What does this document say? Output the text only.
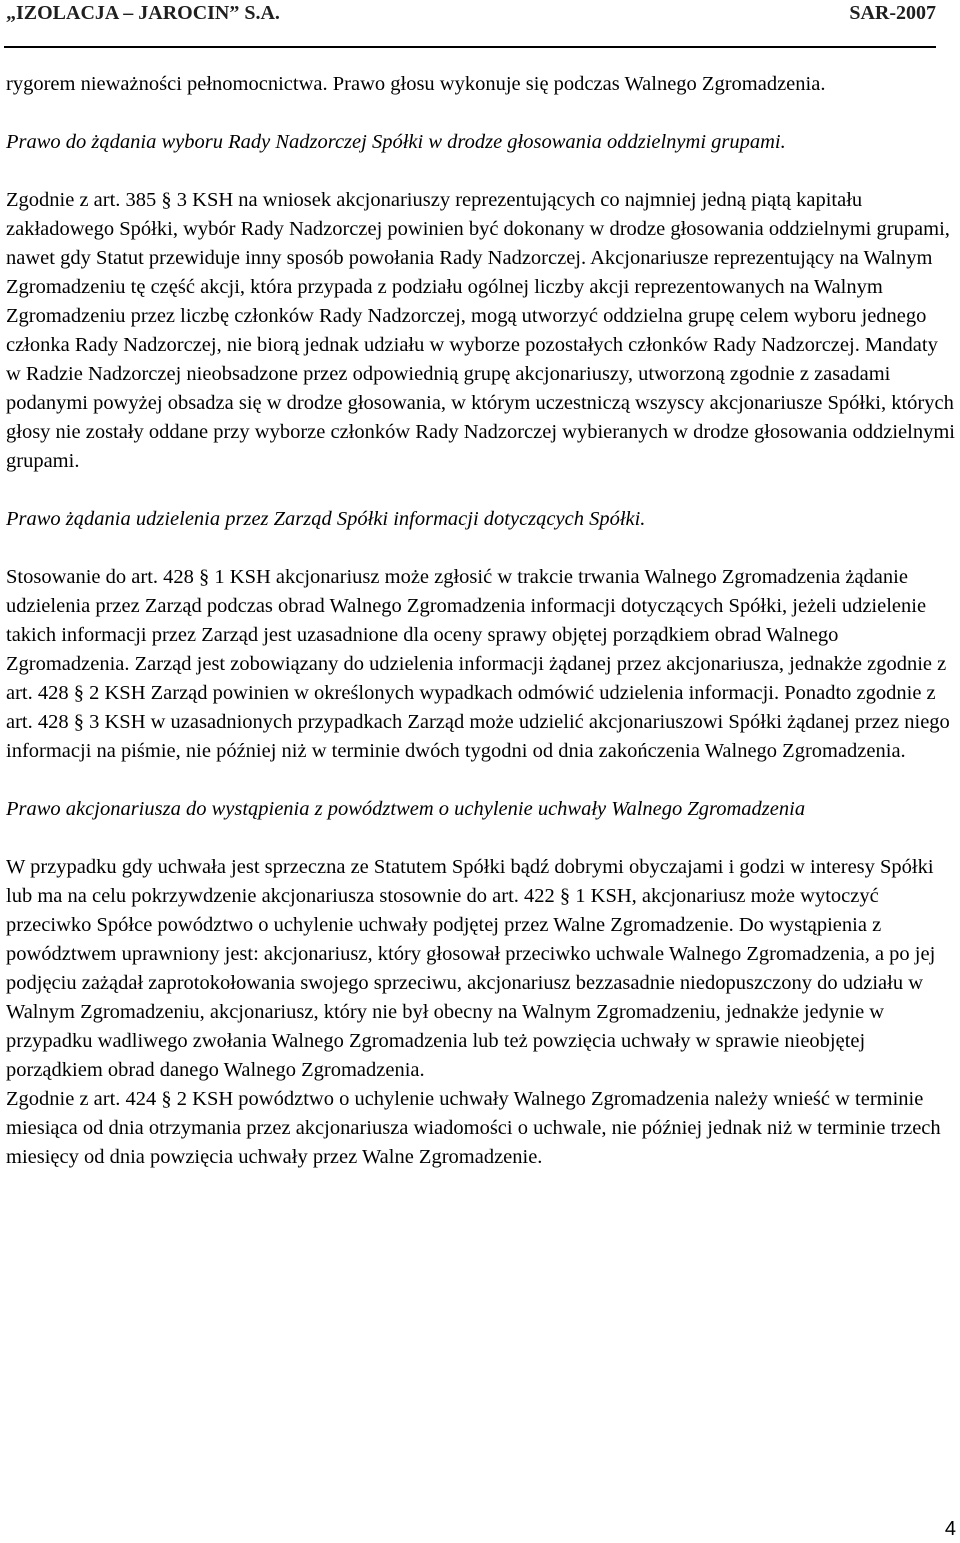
„IZOLACJA – JAROCIN” S.A.	SAR-2007

rygorem nieważności pełnomocnictwa. Prawo głosu wykonuje się podczas Walnego Zgromadzenia.

Prawo do żądania wyboru Rady Nadzorczej Spółki w drodze głosowania oddzielnymi grupami.

Zgodnie z art. 385 § 3 KSH na wniosek akcjonariuszy reprezentujących co najmniej jedną piątą kapitału zakładowego Spółki, wybór Rady Nadzorczej powinien być dokonany w drodze głosowania oddzielnymi grupami, nawet gdy Statut przewiduje inny sposób powołania Rady Nadzorczej. Akcjonariusze reprezentujący na Walnym Zgromadzeniu tę część akcji, która przypada z podziału ogólnej liczby akcji reprezentowanych na Walnym Zgromadzeniu przez liczbę członków Rady Nadzorczej, mogą utworzyć oddzielna grupę celem wyboru jednego członka Rady Nadzorczej, nie biorą jednak udziału w wyborze pozostałych członków Rady Nadzorczej. Mandaty w Radzie Nadzorczej nieobsadzone przez odpowiednią grupę akcjonariuszy, utworzoną zgodnie z zasadami podanymi powyżej obsadza się w drodze głosowania, w którym uczestniczą wszyscy akcjonariusze Spółki, których głosy nie zostały oddane przy wyborze członków Rady Nadzorczej wybieranych w drodze głosowania oddzielnymi grupami.

Prawo żądania udzielenia przez Zarząd Spółki informacji dotyczących Spółki.

Stosowanie do art. 428 § 1 KSH akcjonariusz może zgłosić w trakcie trwania Walnego Zgromadzenia żądanie udzielenia przez Zarząd podczas obrad Walnego Zgromadzenia informacji dotyczących Spółki, jeżeli udzielenie takich informacji przez Zarząd jest uzasadnione dla oceny sprawy objętej porządkiem obrad Walnego Zgromadzenia. Zarząd jest zobowiązany do udzielenia informacji żądanej przez akcjonariusza, jednakże zgodnie z art. 428 § 2 KSH Zarząd powinien w określonych wypadkach odmówić udzielenia informacji. Ponadto zgodnie z art. 428 § 3 KSH w uzasadnionych przypadkach Zarząd może udzielić akcjonariuszowi Spółki żądanej przez niego informacji na piśmie, nie później niż w terminie dwóch tygodni od dnia zakończenia Walnego Zgromadzenia.

Prawo akcjonariusza do wystąpienia z powództwem o uchylenie uchwały Walnego Zgromadzenia

W przypadku gdy uchwała jest sprzeczna ze Statutem Spółki bądź dobrymi obyczajami i godzi w interesy Spółki lub ma na celu pokrzywdzenie akcjonariusza stosownie do art. 422 § 1 KSH, akcjonariusz może wytoczyć przeciwko Spółce powództwo o uchylenie uchwały podjętej przez Walne Zgromadzenie. Do wystąpienia z powództwem uprawniony jest: akcjonariusz, który głosował przeciwko uchwale Walnego Zgromadzenia, a po jej podjęciu zażądał zaprotokołowania swojego sprzeciwu, akcjonariusz bezzasadnie niedopuszczony do udziału w Walnym Zgromadzeniu, akcjonariusz, który nie był obecny na Walnym Zgromadzeniu, jednakże jedynie w przypadku wadliwego zwołania Walnego Zgromadzenia lub też powzięcia uchwały w sprawie nieobjętej porządkiem obrad danego Walnego Zgromadzenia.

Zgodnie z art. 424 § 2 KSH powództwo o uchylenie uchwały Walnego Zgromadzenia należy wnieść w terminie miesiąca od dnia otrzymania przez akcjonariusza wiadomości o uchwale, nie później jednak niż w terminie trzech miesięcy od dnia powzięcia uchwały przez Walne Zgromadzenie.

4
